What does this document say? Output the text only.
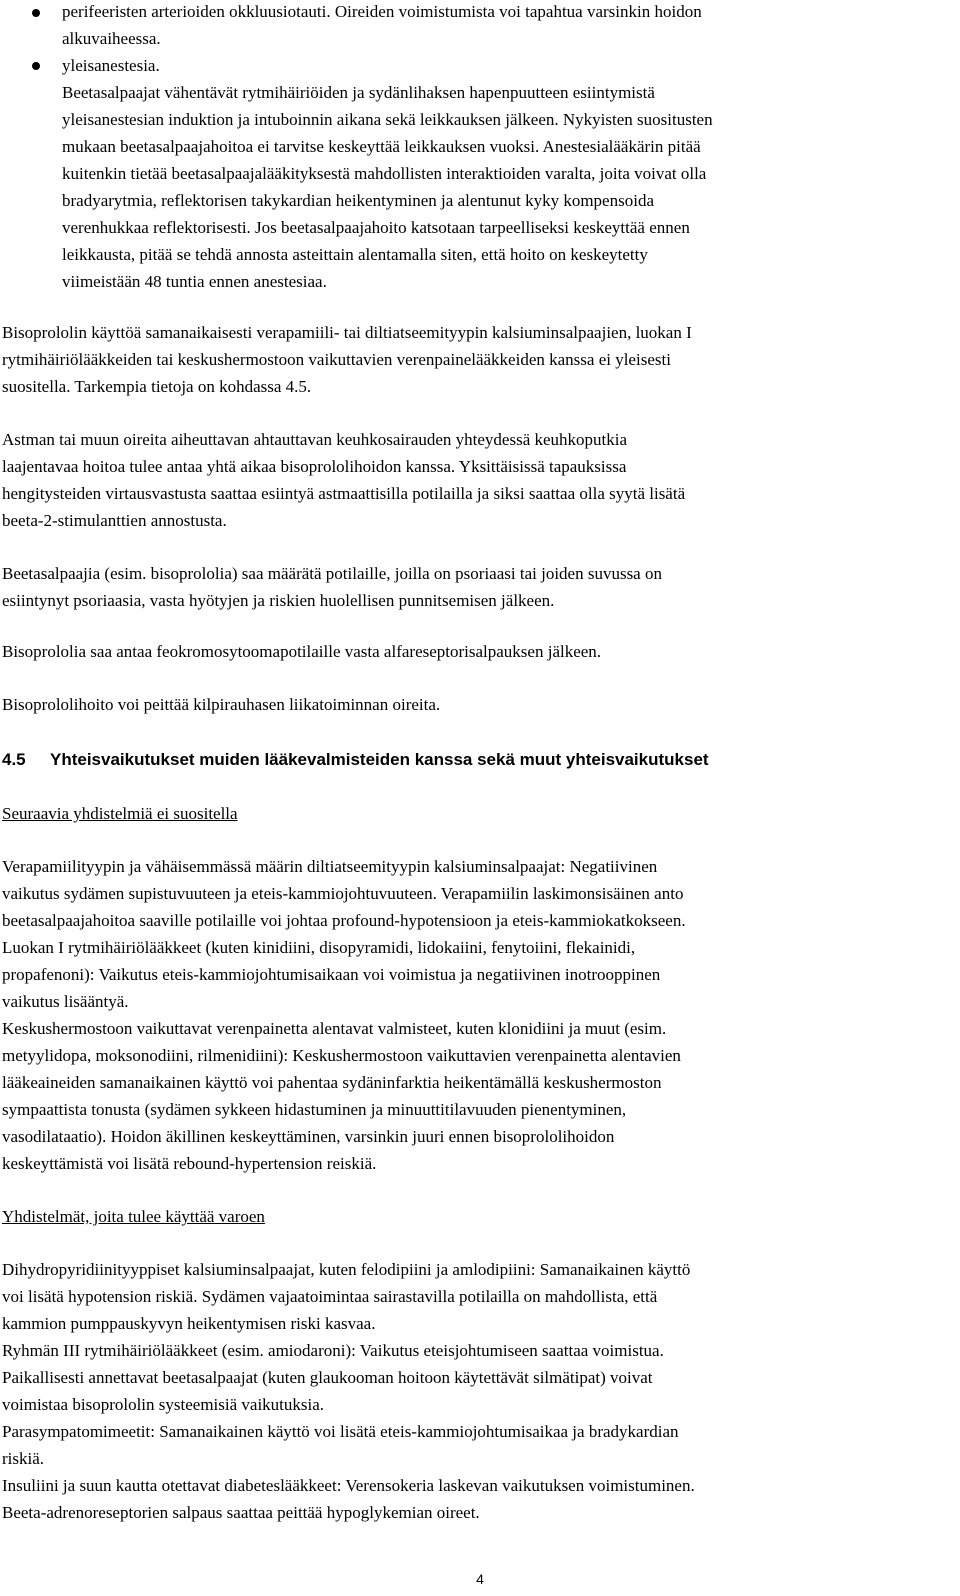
perifeeristen arterioiden okkluusiotauti. Oireiden voimistumista voi tapahtua varsinkin hoidon
alkuvaiheessa.
yleisanestesia.
Beetasalpaajat vähentävät rytmihäiriöiden ja sydänlihaksen hapenpuutteen esiintymistä
yleisanestesian induktion ja intuboinnin aikana sekä leikkauksen jälkeen. Nykyisten suositusten
mukaan beetasalpaajahoitoa ei tarvitse keskeyttää leikkauksen vuoksi. Anestesialääkärin pitää
kuitenkin tietää beetasalpaajalääkityksestä mahdollisten interaktioiden varalta, joita voivat olla
bradyarytmia, reflektorisen takykardian heikentyminen ja alentunut kyky kompensoida
verenhukkaa reflektorisesti. Jos beetasalpaajahoito katsotaan tarpeelliseksi keskeyttää ennen
leikkausta, pitää se tehdä annosta asteittain alentamalla siten, että hoito on keskeytetty
viimeistään 48 tuntia ennen anestesiaa.
Bisoprololin käyttöä samanaikaisesti verapamiili- tai diltiatseemityypin kalsiuminsalpaajien, luokan I
rytmihäiriölääkkeiden tai keskushermostoon vaikuttavien verenpainelääkkeiden kanssa ei yleisesti
suositella. Tarkempia tietoja on kohdassa 4.5.
Astman tai muun oireita aiheuttavan ahtauttavan keuhkosairauden yhteydessä keuhkoputkia
laajentavaa hoitoa tulee antaa yhtä aikaa bisoprololihoidon kanssa. Yksittäisissä tapauksissa
hengitysteiden virtausvastusta saattaa esiintyä astmaattisilla potilailla ja siksi saattaa olla syytä lisätä
beeta-2-stimulanttien annostusta.
Beetasalpaajia (esim. bisoprololia) saa määrätä potilaille, joilla on psoriaasi tai joiden suvussa on
esiintynyt psoriaasia, vasta hyötyjen ja riskien huolellisen punnitsemisen jälkeen.
Bisoprololia saa antaa feokromosytoomapotilaille vasta alfareseptorisalpauksen jälkeen.
Bisoprololihoito voi peittää kilpirauhasen liikatoiminnan oireita.
4.5 Yhteisvaikutukset muiden lääkevalmisteiden kanssa sekä muut yhteisvaikutukset
Seuraavia yhdistelmiä ei suositella
Verapamiilityypin ja vähäisemmässä määrin diltiatseemityypin kalsiuminsalpaajat: Negatiivinen
vaikutus sydämen supistuvuuteen ja eteis-kammiojohtuvuuteen. Verapamiilin laskimonsisäinen anto
beetasalpaajahoitoa saaville potilaille voi johtaa profound-hypotensioon ja eteis-kammiokatkokseen.
Luokan I rytmihäiriölääkkeet (kuten kinidiini, disopyramidi, lidokaiini, fenytoiini, flekainidi,
propafenoni): Vaikutus eteis-kammiojohtumisaikaan voi voimistua ja negatiivinen inotrooppinen
vaikutus lisääntyä.
Keskushermostoon vaikuttavat verenpainetta alentavat valmisteet, kuten klonidiini ja muut (esim.
metyylidopa, moksonodiini, rilmenidiini): Keskushermostoon vaikuttavien verenpainetta alentavien
lääkeaineiden samanaikainen käyttö voi pahentaa sydäninfarktia heikentämällä keskushermoston
sympaattista tonusta (sydämen sykkeen hidastuminen ja minuuttitilavuuden pienentyminen,
vasodilataatio). Hoidon äkillinen keskeyttäminen, varsinkin juuri ennen bisoprololihoidon
keskeyttämistä voi lisätä rebound-hypertension reiskiä.
Yhdistelmät, joita tulee käyttää varoen
Dihydropyridiinityyppiset kalsiuminsalpaajat, kuten felodipiini ja amlodipiini: Samanaikainen käyttö
voi lisätä hypotension riskiä. Sydämen vajaatoimintaa sairastavilla potilailla on mahdollista, että
kammion pumppauskyvyn heikentymisen riski kasvaa.
Ryhmän III rytmihäiriölääkkeet (esim. amiodaroni): Vaikutus eteisjohtumiseen saattaa voimistua.
Paikallisesti annettavat beetasalpaajat (kuten glaukooman hoitoon käytettävät silmätipat) voivat
voimistaa bisoprololin systeemisiä vaikutuksia.
Parasympatomimeetit: Samanaikainen käyttö voi lisätä eteis-kammiojohtumisaikaa ja bradykardian
riskiä.
Insuliini ja suun kautta otettavat diabeteslääkkeet: Verensokeria laskevan vaikutuksen voimistuminen.
Beeta-adrenoreseptorien salpaus saattaa peittää hypoglykemian oireet.
4
